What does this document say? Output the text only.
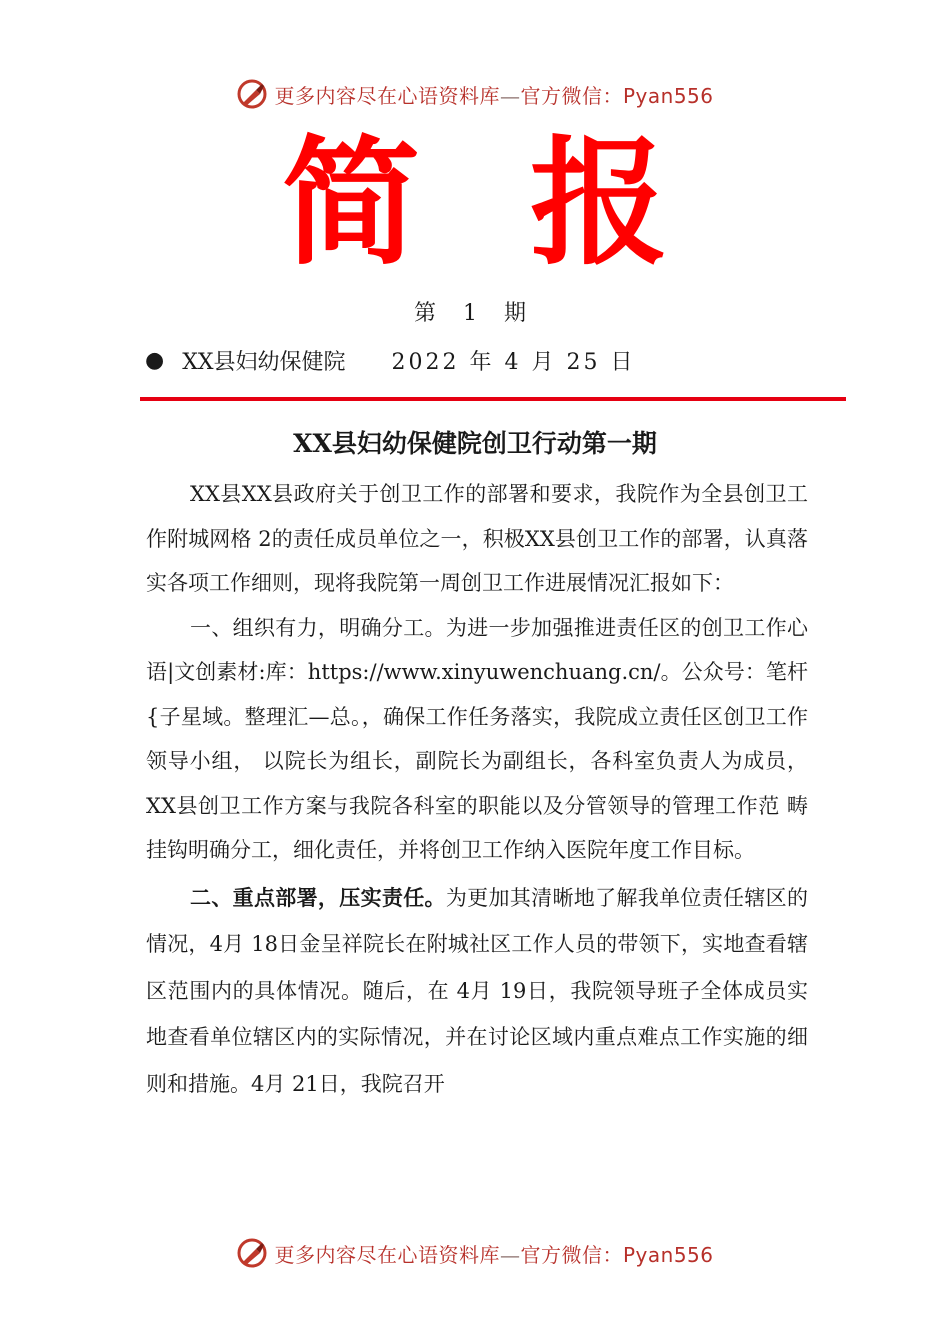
更多内容尽在心语资料库—官方微信：Pyan556
简 报
第 1 期
● XX县妇幼保健院 2022 年 4 月 25 日
XX县妇幼保健院创卫行动第一期

XX县XX县政府关于创卫工作的部署和要求，我院作为全县创卫工作附城网格 2的责任成员单位之一，积极XX县创卫工作的部署，认真落实各项工作细则，现将我院第一周创卫工作进展情况汇报如下：

一、组织有力，明确分工。为进一步加强推进责任区的创卫工作心语|文创素材:库：https://www.xinyuwenchuang.cn/。公众号：笔杆{子星域。整理汇—总。，确保工作任务落实，我院成立责任区创卫工作领导小组， 以院长为组长，副院长为副组长，各科室负责人为成员，XX县创卫工作方案与我院各科室的职能以及分管领导的管理工作范 畴挂钩明确分工，细化责任，并将创卫工作纳入医院年度工作目标。

二、重点部署，压实责任。为更加其清晰地了解我单位责任辖区的情况，4月 18日金呈祥院长在附城社区工作人员的带领下，实地查看辖区范围内的具体情况。随后，在 4月 19日，我院领导班子全体成员实地查看单位辖区内的实际情况，并在讨论区域内重点难点工作实施的细则和措施。4月 21日，我院召开

更多内容尽在心语资料库—官方微信：Pyan556
